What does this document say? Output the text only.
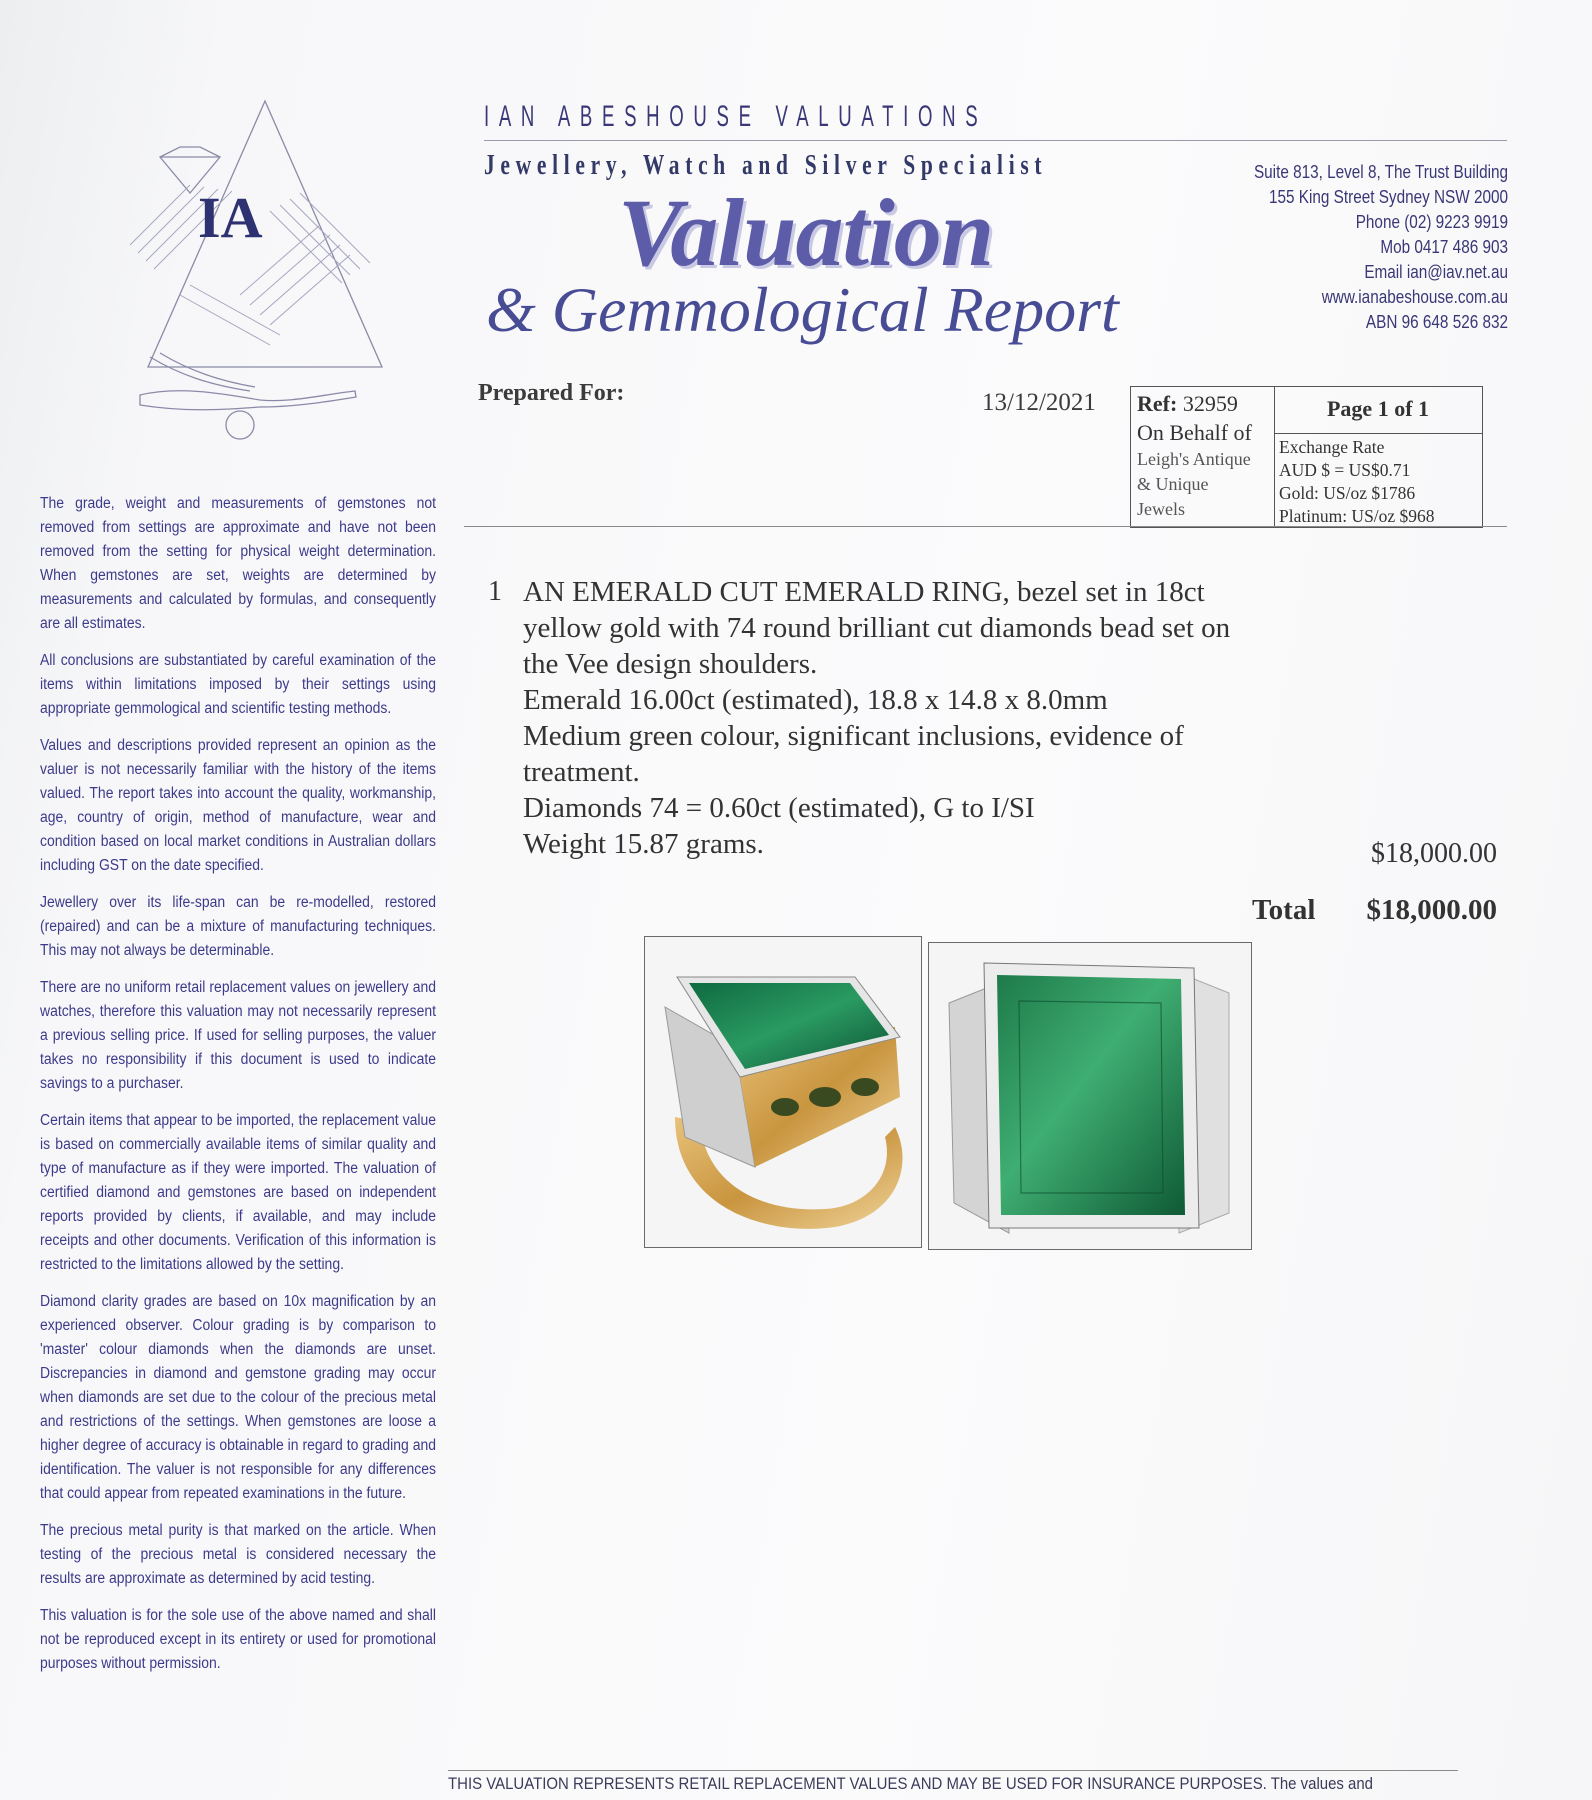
IA

The grade, weight and measurements of gemstones not removed from settings are approximate and have not been removed from the setting for physical weight determination. When gemstones are set, weights are determined by measurements and calculated by formulas, and consequently are all estimates.

All conclusions are substantiated by careful examination of the items within limitations imposed by their settings using appropriate gemmological and scientific testing methods.

Values and descriptions provided represent an opinion as the valuer is not necessarily familiar with the history of the items valued. The report takes into account the quality, workmanship, age, country of origin, method of manufacture, wear and condition based on local market conditions in Australian dollars including GST on the date specified.

Jewellery over its life-span can be re-modelled, restored (repaired) and can be a mixture of manufacturing techniques. This may not always be determinable.

There are no uniform retail replacement values on jewellery and watches, therefore this valuation may not necessarily represent a previous selling price. If used for selling purposes, the valuer takes no responsibility if this document is used to indicate savings to a purchaser.

Certain items that appear to be imported, the replacement value is based on commercially available items of similar quality and type of manufacture as if they were imported. The valuation of certified diamond and gemstones are based on independent reports provided by clients, if available, and may include receipts and other documents. Verification of this information is restricted to the limitations allowed by the setting.

Diamond clarity grades are based on 10x magnification by an experienced observer. Colour grading is by comparison to 'master' colour diamonds when the diamonds are unset. Discrepancies in diamond and gemstone grading may occur when diamonds are set due to the colour of the precious metal and restrictions of the settings. When gemstones are loose a higher degree of accuracy is obtainable in regard to grading and identification. The valuer is not responsible for any differences that could appear from repeated examinations in the future.

The precious metal purity is that marked on the article. When testing of the precious metal is considered necessary the results are approximate as determined by acid testing.

This valuation is for the sole use of the above named and shall not be reproduced except in its entirety or used for promotional purposes without permission.

IAN ABESHOUSE VALUATIONS
Jewellery, Watch and Silver Specialist
Valuation
& Gemmological Report
Suite 813, Level 8, The Trust Building
155 King Street Sydney NSW 2000
Phone (02) 9223 9919
Mob 0417 486 903
Email ian@iav.net.au
www.ianabeshouse.com.au
ABN 96 648 526 832
Prepared For:	13/12/2021 Ref: 32959
On Behalf of
Leigh's Antique
& Unique
Jewels
Page 1 of 1
Exchange Rate
AUD $ = US$0.71
Gold: US/oz $1786
Platinum: US/oz $968
1 AN EMERALD CUT EMERALD RING, bezel set in 18ct
yellow gold with 74 round brilliant cut diamonds bead set on
the Vee design shoulders.
Emerald 16.00ct (estimated), 18.8 x 14.8 x 8.0mm
Medium green colour, significant inclusions, evidence of
treatment.
Diamonds 74 = 0.60ct (estimated), G to I/SI
Weight 15.87 grams.	$18,000.00
Total $18,000.00
THIS VALUATION REPRESENTS RETAIL REPLACEMENT VALUES AND MAY BE USED FOR INSURANCE PURPOSES. The values and
